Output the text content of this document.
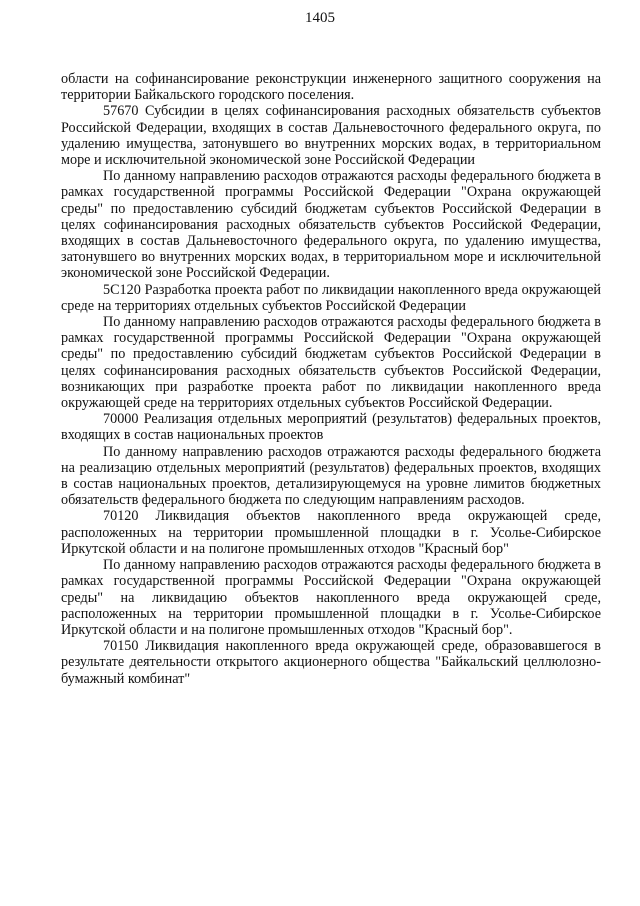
1405

области на софинансирование реконструкции инженерного защитного сооружения на территории Байкальского городского поселения.

57670 Субсидии в целях софинансирования расходных обязательств субъектов Российской Федерации, входящих в состав Дальневосточного федерального округа, по удалению имущества, затонувшего во внутренних морских водах, в территориальном море и исключительной экономической зоне Российской Федерации

По данному направлению расходов отражаются расходы федерального бюджета в рамках государственной программы Российской Федерации "Охрана окружающей среды" по предоставлению субсидий бюджетам субъектов Российской Федерации в целях софинансирования расходных обязательств субъектов Российской Федерации, входящих в состав Дальневосточного федерального округа, по удалению имущества, затонувшего во внутренних морских водах, в территориальном море и исключительной экономической зоне Российской Федерации.

5С120 Разработка проекта работ по ликвидации накопленного вреда окружающей среде на территориях отдельных субъектов Российской Федерации

По данному направлению расходов отражаются расходы федерального бюджета в рамках государственной программы Российской Федерации "Охрана окружающей среды" по предоставлению субсидий бюджетам субъектов Российской Федерации в целях софинансирования расходных обязательств субъектов Российской Федерации, возникающих при разработке проекта работ по ликвидации накопленного вреда окружающей среде на территориях отдельных субъектов Российской Федерации.

70000 Реализация отдельных мероприятий (результатов) федеральных проектов, входящих в состав национальных проектов

По данному направлению расходов отражаются расходы федерального бюджета на реализацию отдельных мероприятий (результатов) федеральных проектов, входящих в состав национальных проектов, детализирующемуся на уровне лимитов бюджетных обязательств федерального бюджета по следующим направлениям расходов.

70120 Ликвидация объектов накопленного вреда окружающей среде, расположенных на территории промышленной площадки в г. Усолье-Сибирское Иркутской области и на полигоне промышленных отходов "Красный бор"

По данному направлению расходов отражаются расходы федерального бюджета в рамках государственной программы Российской Федерации "Охрана окружающей среды" на ликвидацию объектов накопленного вреда окружающей среде, расположенных на территории промышленной площадки в г. Усолье-Сибирское Иркутской области и на полигоне промышленных отходов "Красный бор".

70150 Ликвидация накопленного вреда окружающей среде, образовавшегося в результате деятельности открытого акционерного общества "Байкальский целлюлозно-бумажный комбинат"
